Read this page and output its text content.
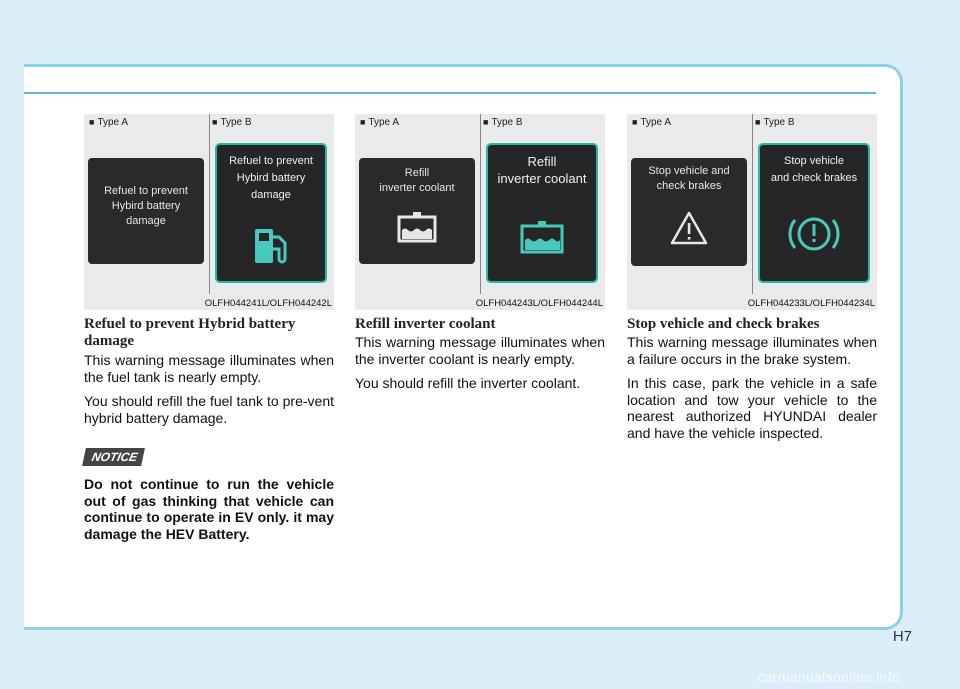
■ Type A	■ Type B
Refuel to prevent
Hybird battery
damage
Refuel to prevent
Hybird battery
damage
OLFH044241L/OLFH044242L
Refuel to prevent Hybrid battery damage

This warning message illuminates when the fuel tank is nearly empty.

You should refill the fuel tank to pre-vent hybrid battery damage.

NOTICE

Do not continue to run the vehicle out of gas thinking that vehicle can continue to operate in EV only. it may damage the HEV Battery.

■ Type A	■ Type B
Refill
inverter coolant
Refill
inverter coolant
OLFH044243L/OLFH044244L
Refill inverter coolant

This warning message illuminates when the inverter coolant is nearly empty.

You should refill the inverter coolant.

■ Type A	■ Type B
Stop vehicle and
check brakes
Stop vehicle
and check brakes
OLFH044233L/OLFH044234L
Stop vehicle and check brakes

This warning message illuminates when a failure occurs in the brake system.

In this case, park the vehicle in a safe location and tow your vehicle to the nearest authorized HYUNDAI dealer and have the vehicle inspected.

H7
carmanualsonline.info
